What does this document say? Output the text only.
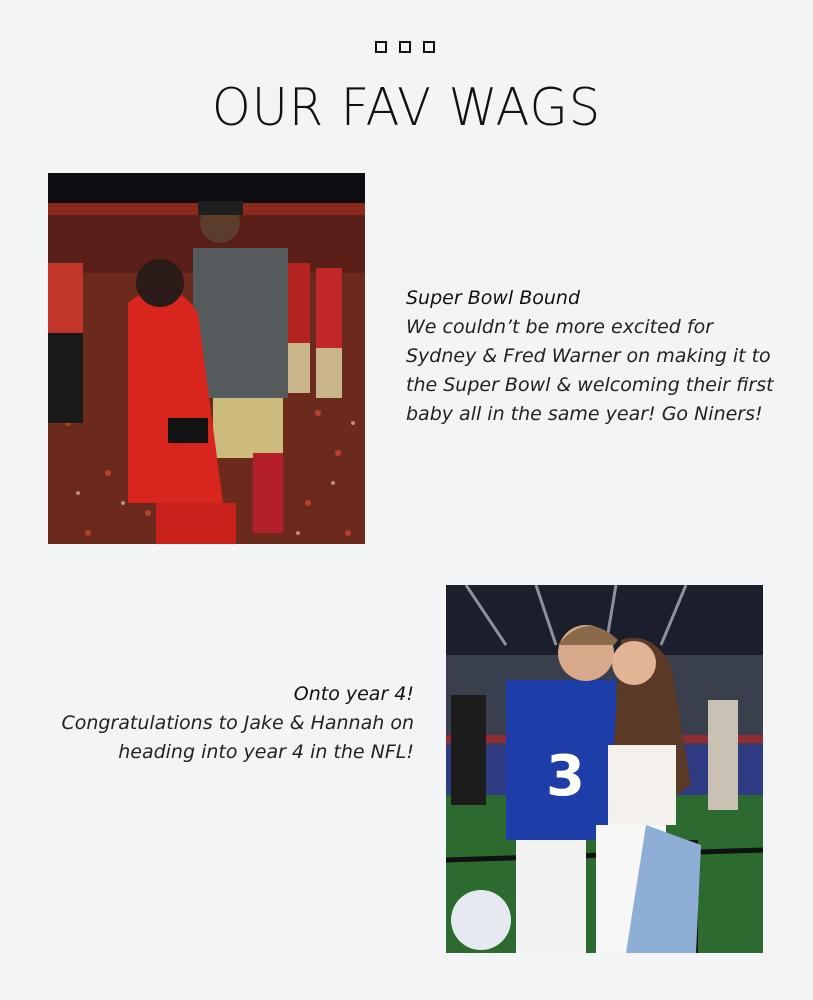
OUR FAV WAGS
Super Bowl Bound
We couldn’t be more excited for Sydney & Fred Warner on making it to the Super Bowl & welcoming their first baby all in the same year! Go Niners!
Onto year 4!
Congratulations to Jake & Hannah on heading into year 4 in the NFL! 3
